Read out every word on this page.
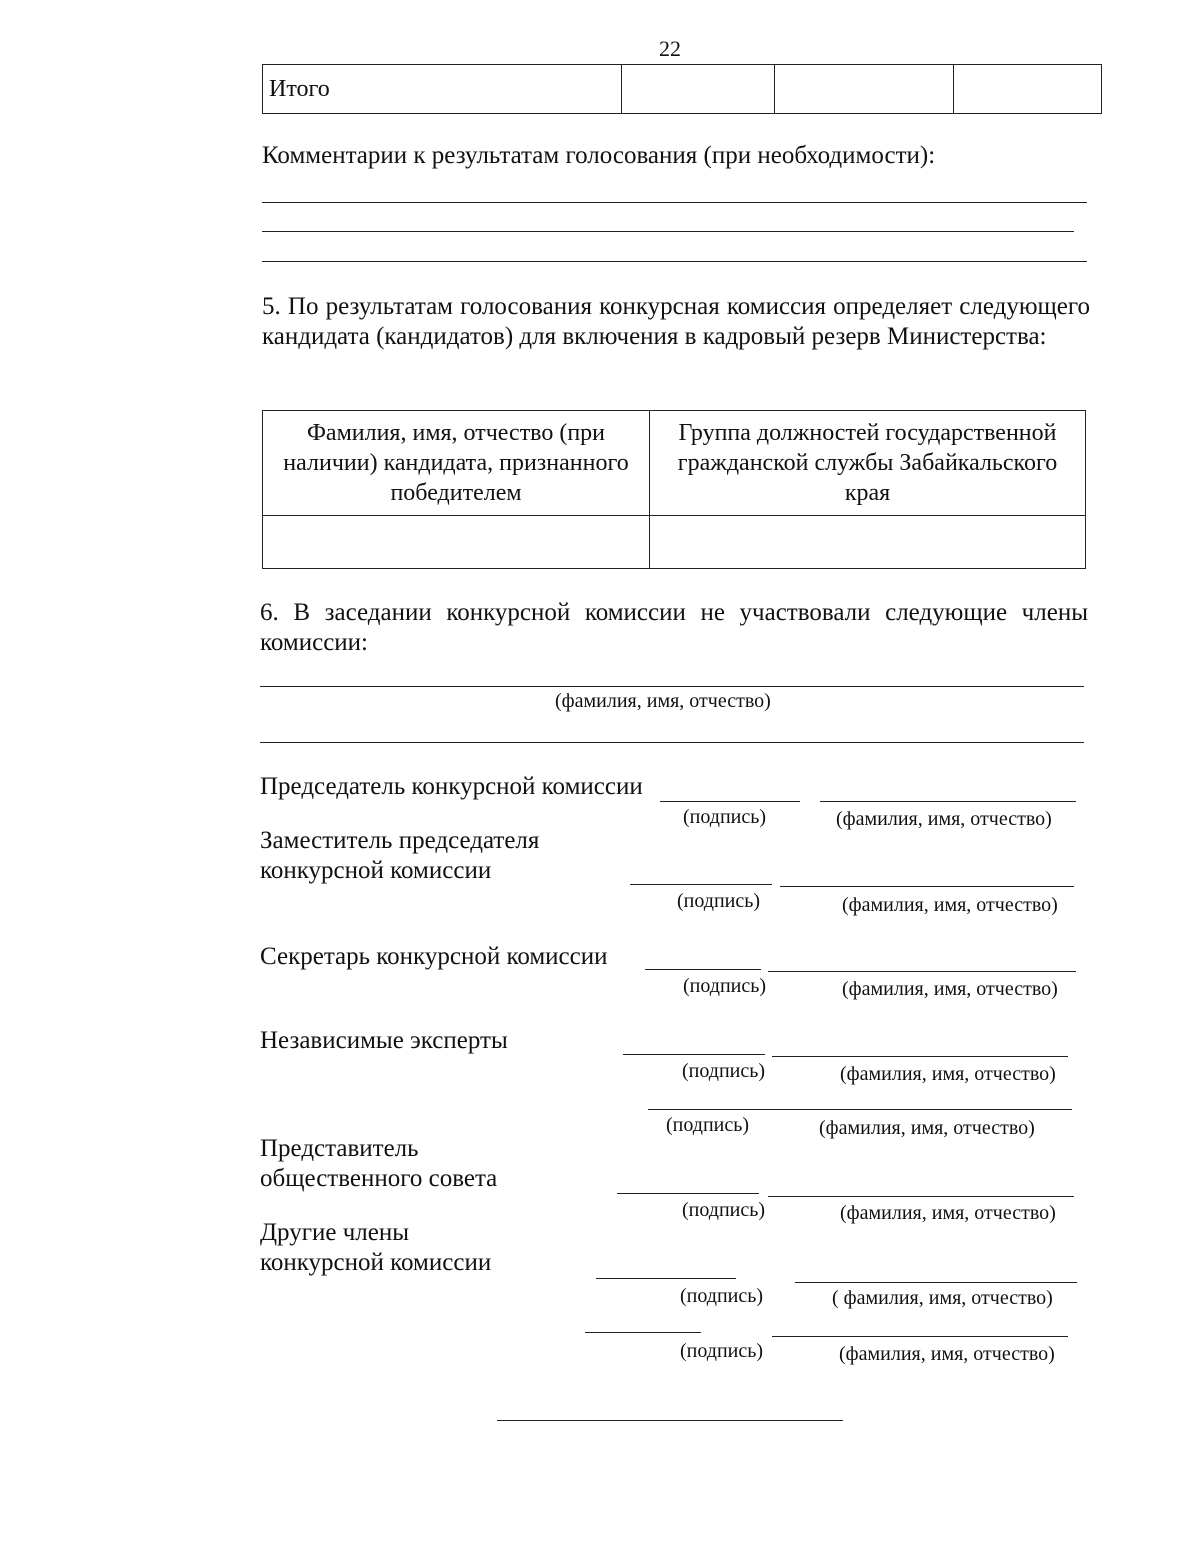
22
Итого			
Комментарии к результатам голосования (при необходимости):
5. По результатам голосования конкурсная комиссия определяет следующего кандидата (кандидатов) для включения в кадровый резерв Министерства:
Фамилия, имя, отчество (при наличии) кандидата, признанного победителем	Группа должностей государственной гражданской службы Забайкальского края

6. В заседании конкурсной комиссии не участвовали следующие члены комиссии:
(фамилия, имя, отчество)
Председатель конкурсной комиссии
(подпись)	(фамилия, имя, отчество)
Заместитель председателя
конкурсной комиссии
(подпись)	(фамилия, имя, отчество)
Секретарь конкурсной комиссии
(подпись)	(фамилия, имя, отчество)
Независимые эксперты
(подпись)	(фамилия, имя, отчество)
(подпись)	(фамилия, имя, отчество)
Представитель
общественного совета
(подпись)	(фамилия, имя, отчество)
Другие члены
конкурсной комиссии
(подпись)	( фамилия, имя, отчество)
(подпись)	(фамилия, имя, отчество)
